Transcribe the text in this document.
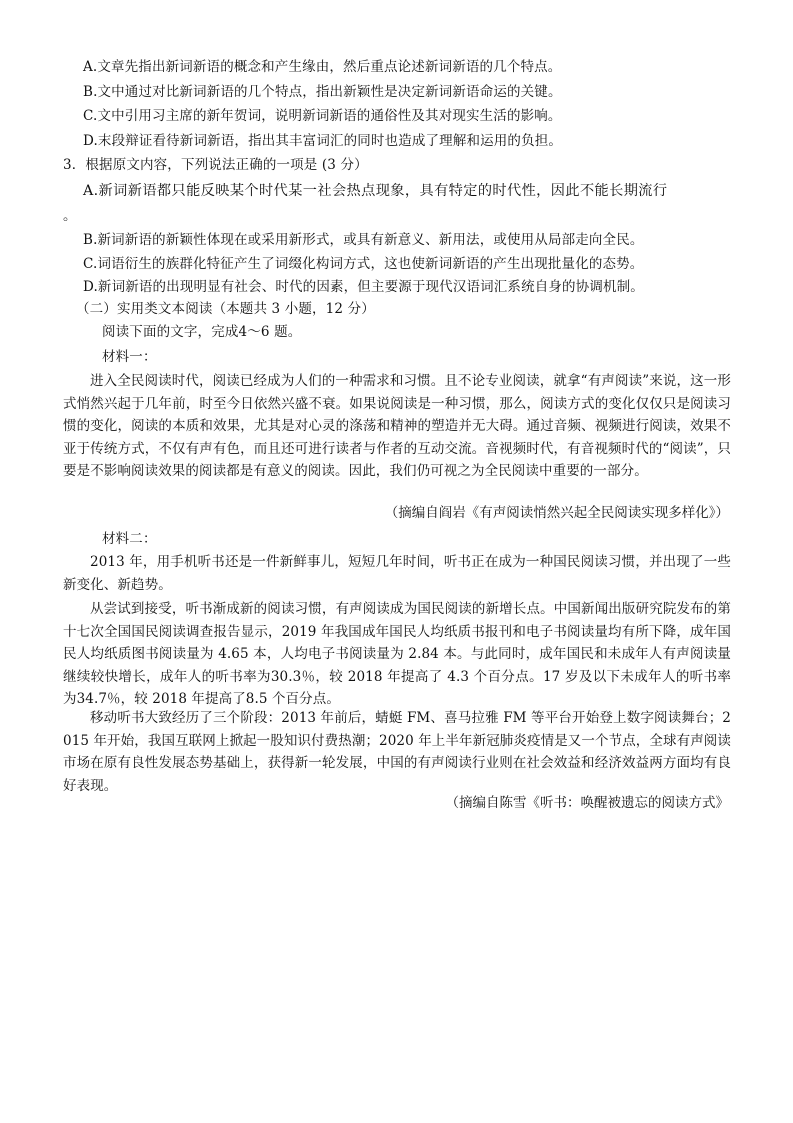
A.文章先指出新词新语的概念和产生缘由，然后重点论述新词新语的几个特点。
B.文中通过对比新词新语的几个特点，指出新颖性是决定新词新语命运的关键。
C.文中引用习主席的新年贺词，说明新词新语的通俗性及其对现实生活的影响。
D.末段辩证看待新词新语，指出其丰富词汇的同时也造成了理解和运用的负担。
3．根据原文内容，下列说法正确的一项是 (3 分）
A.新词新语都只能反映某个时代某一社会热点现象，具有特定的时代性，因此不能长期流行
。
B.新词新语的新颖性体现在或采用新形式，或具有新意义、新用法，或使用从局部走向全民。
C.词语衍生的族群化特征产生了词缀化构词方式，这也使新词新语的产生出现批量化的态势。
D.新词新语的出现明显有社会、时代的因素，但主要源于现代汉语词汇系统自身的协调机制。
（二）实用类文本阅读（本题共 3 小题，12 分）
阅读下面的文字，完成4～6 题。
材料一：
进入全民阅读时代，阅读已经成为人们的一种需求和习惯。且不论专业阅读，就拿“有声阅读”来说，这一形式悄然兴起于几年前，时至今日依然兴盛不衰。如果说阅读是一种习惯，那么，阅读方式的变化仅仅只是阅读习惯的变化，阅读的本质和效果，尤其是对心灵的涤荡和精神的塑造并无大碍。通过音频、视频进行阅读，效果不亚于传统方式，不仅有声有色，而且还可进行读者与作者的互动交流。音视频时代，有音视频时代的“阅读”，只要是不影响阅读效果的阅读都是有意义的阅读。因此，我们仍可视之为全民阅读中重要的一部分。
（摘编自阎岩《有声阅读悄然兴起全民阅读实现多样化》）
材料二：
2013 年，用手机听书还是一件新鲜事儿，短短几年时间，听书正在成为一种国民阅读习惯，并出现了一些新变化、新趋势。
从尝试到接受，听书渐成新的阅读习惯，有声阅读成为国民阅读的新增长点。中国新闻出版研究院发布的第十七次全国国民阅读调查报告显示，2019 年我国成年国民人均纸质书报刊和电子书阅读量均有所下降，成年国民人均纸质图书阅读量为 4.65 本，人均电子书阅读量为 2.84 本。与此同时，成年国民和未成年人有声阅读量继续较快增长，成年人的听书率为30.3％，较 2018 年提高了 4.3 个百分点。17 岁及以下未成年人的听书率为34.7％，较 2018 年提高了8.5 个百分点。
移动听书大致经历了三个阶段：2013 年前后，蜻蜓 FM、喜马拉雅 FM 等平台开始登上数字阅读舞台；2015 年开始，我国互联网上掀起一股知识付费热潮；2020 年上半年新冠肺炎疫情是又一个节点，全球有声阅读市场在原有良性发展态势基础上，获得新一轮发展，中国的有声阅读行业则在社会效益和经济效益两方面均有良好表现。
（摘编自陈雪《听书：唤醒被遗忘的阅读方式》
